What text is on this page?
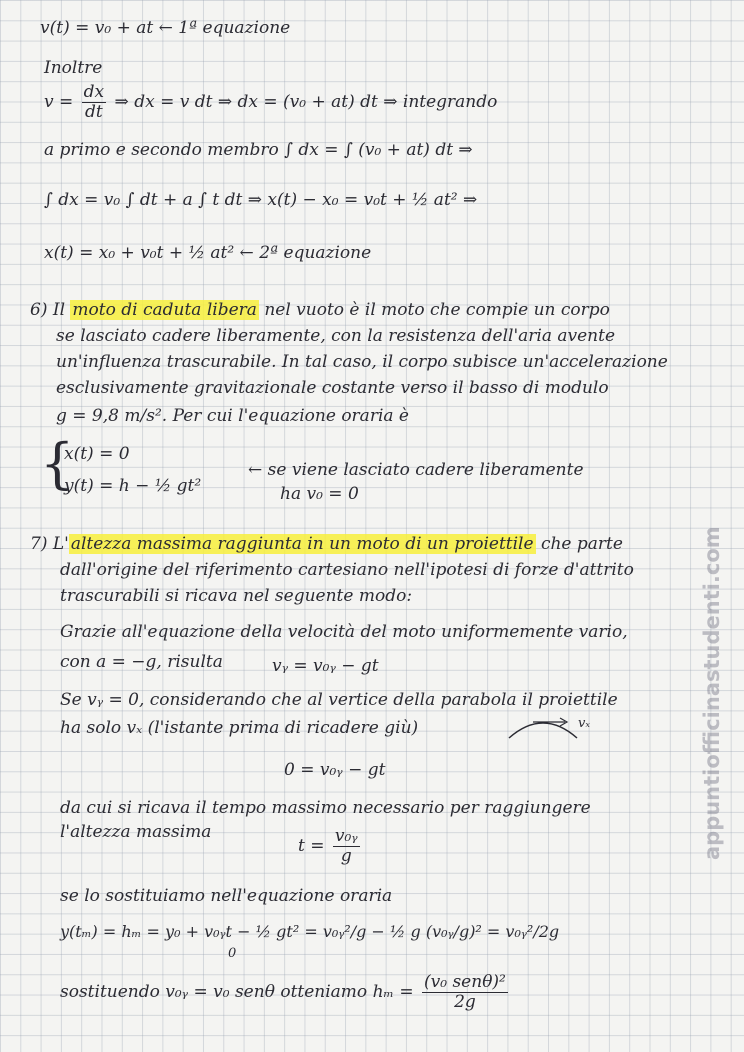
v(t) = v₀ + at ← 1ª equazione
Inoltre
$v = \frac{dx}{dt}$ ⇒ dx = v dt ⇒ dx = (v₀ + at) dt ⇒ integrando
a primo e secondo membro ∫ dx = ∫ (v₀ + at) dt ⇒
∫ dx = v₀ ∫ dt + a ∫ t dt ⇒ x(t) − x₀ = v₀t + ½ at² ⇒
x(t) = x₀ + v₀t + ½ at² ← 2ª equazione
6) Il moto di caduta libera nel vuoto è il moto che compie un corpo
se lasciato cadere liberamente, con la resistenza dell'aria avente
un'influenza trascurabile. In tal caso, il corpo subisce un'accelerazione
esclusivamente gravitazionale costante verso il basso di modulo
g = 9,8 m/s². Per cui l'equazione oraria è
{
x(t) = 0
y(t) = h − ½ gt²
← se viene lasciato cadere liberamente
ha v₀ = 0
7) L' altezza massima raggiunta in un moto di un proiettile che parte
dall'origine del riferimento cartesiano nell'ipotesi di forze d'attrito
trascurabili si ricava nel seguente modo:
Grazie all'equazione della velocità del moto uniformemente vario,
con a = −g, risulta	vᵧ = v₀ᵧ − gt
Se vᵧ = 0, considerando che al vertice della parabola il proiettile
ha solo vₓ (l'istante prima di ricadere giù)	vₓ
0 = v₀ᵧ − gt
da cui si ricava il tempo massimo necessario per raggiungere
l'altezza massima
$t = \frac{\text{v₀ᵧ}}{g}$
se lo sostituiamo nell'equazione oraria
y(tₘ) = hₘ = y₀ + v₀ᵧt − ½ gt² = v₀ᵧ²/g − ½ g (v₀ᵧ/g)² = v₀ᵧ²/2g
0
sostituendo v₀ᵧ = v₀ senθ otteniamo $h_m = \frac{\text{(v₀ senθ)²}}{2g}$
appuntiofficinastudenti.com
